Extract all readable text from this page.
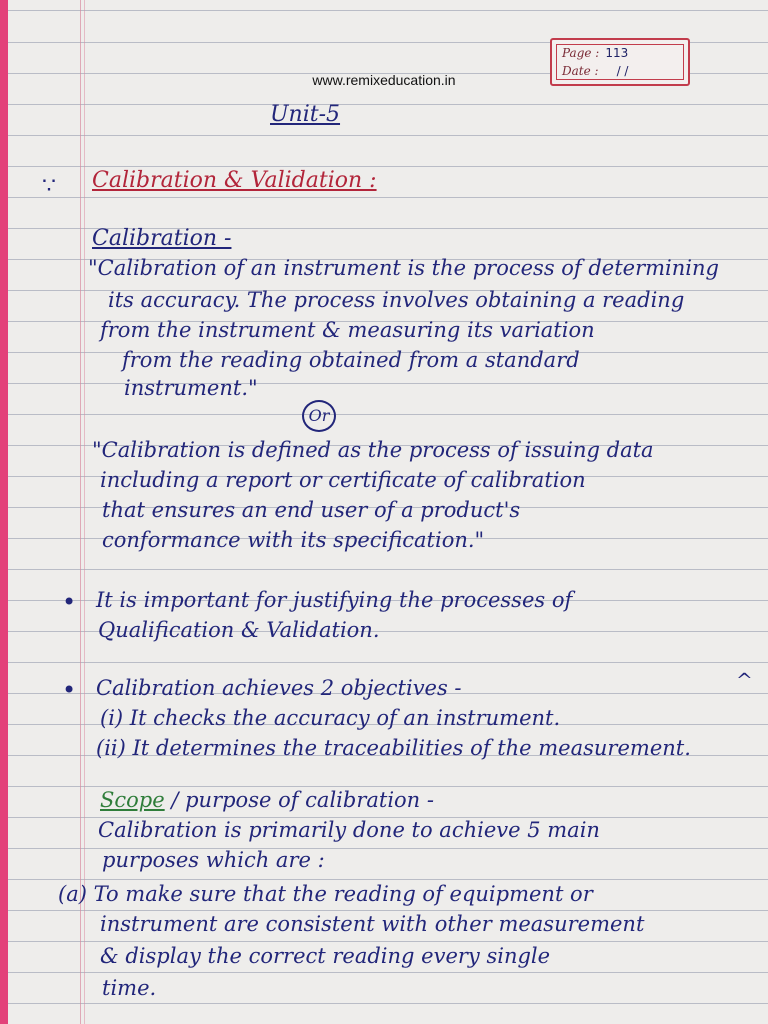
Page : 113
Date : / /
www.remixeducation.in
Unit-5
∵ Calibration & Validation :
Calibration -
"Calibration of an instrument is the process of determining
its accuracy. The process involves obtaining a reading
from the instrument & measuring its variation
from the reading obtained from a standard
instrument."
Or
"Calibration is defined as the process of issuing data
including a report or certificate of calibration
that ensures an end user of a product's
conformance with its specification."
• It is important for justifying the processes of
Qualification & Validation.
• Calibration achieves 2 objectives -	^
(i) It checks the accuracy of an instrument.
(ii) It determines the traceabilities of the measurement.
Scope / purpose of calibration -
Calibration is primarily done to achieve 5 main
purposes which are :
(a) To make sure that the reading of equipment or
instrument are consistent with other measurement
& display the correct reading every single
time.
